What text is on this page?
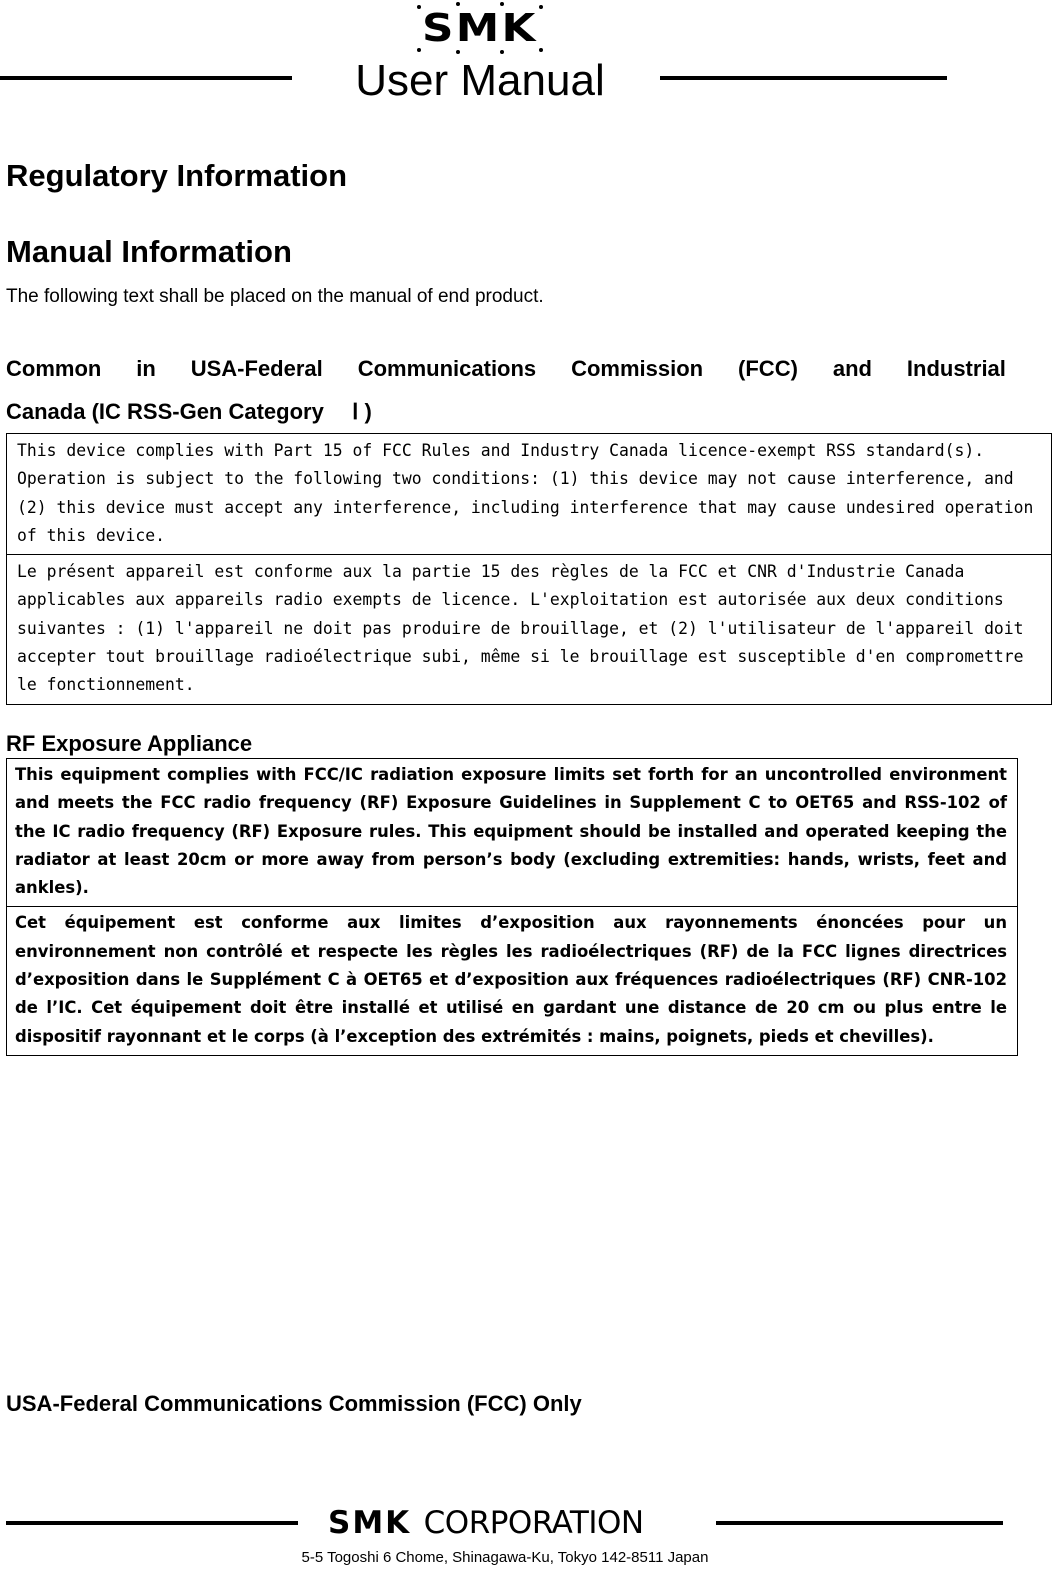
SMK
User Manual
Regulatory Information
Manual Information
The following text shall be placed on the manual of end product.
Common in USA-Federal Communications Commission (FCC) and Industrial
Canada (IC RSS-Gen Category 　Ⅰ )
This device complies with Part 15 of FCC Rules and Industry Canada licence-exempt RSS standard(s). Operation is subject to the following two conditions: (1) this device may not cause interference, and (2) this device must accept any interference, including interference that may cause undesired operation of this device.
Le présent appareil est conforme aux la partie 15 des règles de la FCC et CNR d'Industrie Canada applicables aux appareils radio exempts de licence. L'exploitation est autorisée aux deux conditions suivantes : (1) l'appareil ne doit pas produire de brouillage, et (2) l'utilisateur de l'appareil doit accepter tout brouillage radioélectrique subi, même si le brouillage est susceptible d'en compromettre le fonctionnement.
RF Exposure Appliance
This equipment complies with FCC/IC radiation exposure limits set forth for an uncontrolled environment and meets the FCC radio frequency (RF) Exposure Guidelines in Supplement C to OET65 and RSS-102 of the IC radio frequency (RF) Exposure rules. This equipment should be installed and operated keeping the radiator at least 20cm or more away from person’s body (excluding extremities: hands, wrists, feet and ankles).
Cet équipement est conforme aux limites d’exposition aux rayonnements énoncées pour un environnement non contrôlé et respecte les règles les radioélectriques (RF) de la FCC lignes directrices d’exposition dans le Supplément C à OET65 et d’exposition aux fréquences radioélectriques (RF) CNR-102 de l’IC. Cet équipement doit être installé et utilisé en gardant une distance de 20 cm ou plus entre le dispositif rayonnant et le corps (à l’exception des extrémités : mains, poignets, pieds et chevilles).
USA-Federal Communications Commission (FCC) Only
SMK CORPORATION
5-5 Togoshi 6 Chome, Shinagawa-Ku, Tokyo 142-8511 Japan
